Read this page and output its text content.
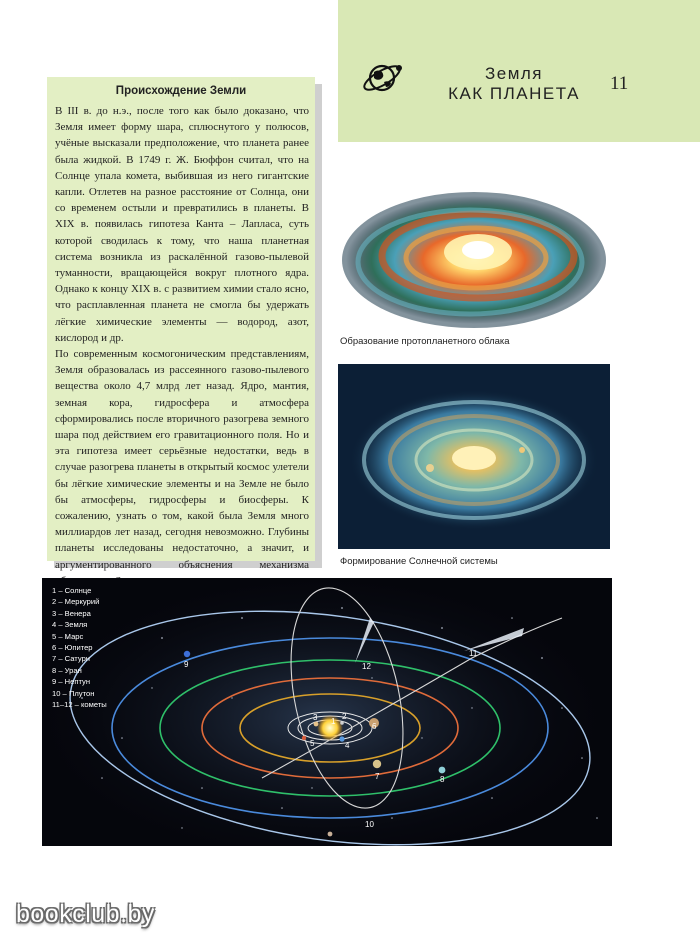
Земля
КАК ПЛАНЕТА 11
Происхождение Земли

В III в. до н.э., после того как было доказано, что Земля имеет форму шара, сплюснутого у полюсов, учёные высказали предположение, что планета ранее была жидкой. В 1749 г. Ж. Бюффон считал, что на Солнце упала комета, выбившая из него гигантские капли. Отлетев на разное расстояние от Солнца, они со временем остыли и превратились в планеты. В XIX в. появилась гипотеза Канта – Лапласа, суть которой сводилась к тому, что наша планетная система возникла из раскалённой газово-пылевой туманности, вращающейся вокруг плотного ядра. Однако к концу XIX в. с развитием химии стало ясно, что расплавленная планета не смогла бы удержать лёгкие химические элементы — водород, азот, кислород и др.

По современным космогоническим представлениям, Земля образовалась из рассеянного газово-пылевого вещества около 4,7 млрд лет назад. Ядро, мантия, земная кора, гидросфера и атмосфера сформировались после вторичного разогрева земного шара под действием его гравитационного поля. Но и эта гипотеза имеет серьёзные недостатки, ведь в случае разогрева планеты в открытый космос улетели бы лёгкие химические элементы и на Земле не было бы атмосферы, гидросферы и биосферы. К сожалению, узнать о том, какой была Земля много миллиардов лет назад, сегодня невозможно. Глубины планеты исследованы недостаточно, а значит, и аргументированного объяснения механизма

Образование протопланетного облака
Формирование Солнечной системы
1
2
3
4
5
6
7	8
9
10
11
12
1 – Солнце
2 – Меркурий
3 – Венера
4 – Земля
5 – Марс
6 – Юпитер
7 – Сатурн
8 – Уран
9 – Нептун
10 – Плутон
11–12 – кометы
bookclub.by
